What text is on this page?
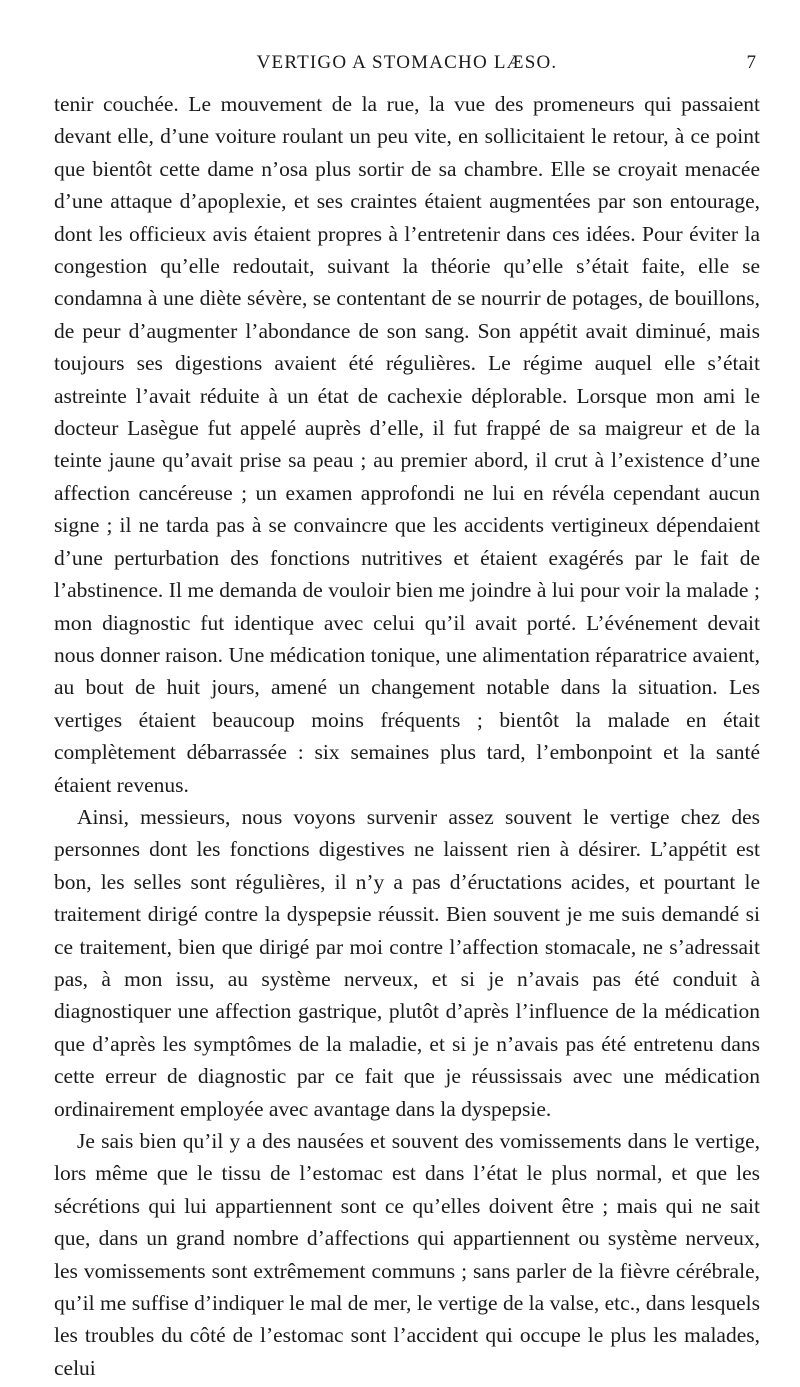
VERTIGO A STOMACHO LÆSO.	7

tenir couchée. Le mouvement de la rue, la vue des promeneurs qui passaient devant elle, d’une voiture roulant un peu vite, en sollicitaient le retour, à ce point que bientôt cette dame n’osa plus sortir de sa chambre. Elle se croyait menacée d’une attaque d’apoplexie, et ses craintes étaient augmentées par son entourage, dont les officieux avis étaient propres à l’entretenir dans ces idées. Pour éviter la congestion qu’elle redoutait, suivant la théorie qu’elle s’était faite, elle se condamna à une diète sévère, se contentant de se nourrir de potages, de bouillons, de peur d’augmenter l’abondance de son sang. Son appétit avait diminué, mais toujours ses digestions avaient été régulières. Le régime auquel elle s’était astreinte l’avait réduite à un état de cachexie déplorable. Lorsque mon ami le docteur Lasègue fut appelé auprès d’elle, il fut frappé de sa maigreur et de la teinte jaune qu’avait prise sa peau ; au premier abord, il crut à l’existence d’une affection cancéreuse ; un examen approfondi ne lui en révéla cependant aucun signe ; il ne tarda pas à se convaincre que les accidents vertigineux dépendaient d’une perturbation des fonctions nutritives et étaient exagérés par le fait de l’abstinence. Il me demanda de vouloir bien me joindre à lui pour voir la malade ; mon diagnostic fut identique avec celui qu’il avait porté. L’événement devait nous donner raison. Une médication tonique, une alimentation réparatrice avaient, au bout de huit jours, amené un changement notable dans la situation. Les vertiges étaient beaucoup moins fréquents ; bientôt la malade en était complètement débarrassée : six semaines plus tard, l’embonpoint et la santé étaient revenus.

Ainsi, messieurs, nous voyons survenir assez souvent le vertige chez des personnes dont les fonctions digestives ne laissent rien à désirer. L’appétit est bon, les selles sont régulières, il n’y a pas d’éructations acides, et pourtant le traitement dirigé contre la dyspepsie réussit. Bien souvent je me suis demandé si ce traitement, bien que dirigé par moi contre l’affection stomacale, ne s’adressait pas, à mon issu, au système nerveux, et si je n’avais pas été conduit à diagnostiquer une affection gastrique, plutôt d’après l’influence de la médication que d’après les symptômes de la maladie, et si je n’avais pas été entretenu dans cette erreur de diagnostic par ce fait que je réussissais avec une médication ordinairement employée avec avantage dans la dyspepsie.

Je sais bien qu’il y a des nausées et souvent des vomissements dans le vertige, lors même que le tissu de l’estomac est dans l’état le plus normal, et que les sécrétions qui lui appartiennent sont ce qu’elles doivent être ; mais qui ne sait que, dans un grand nombre d’affections qui appartiennent ou système nerveux, les vomissements sont extrêmement communs ; sans parler de la fièvre cérébrale, qu’il me suffise d’indiquer le mal de mer, le vertige de la valse, etc., dans lesquels les troubles du côté de l’estomac sont l’accident qui occupe le plus les malades, celui
